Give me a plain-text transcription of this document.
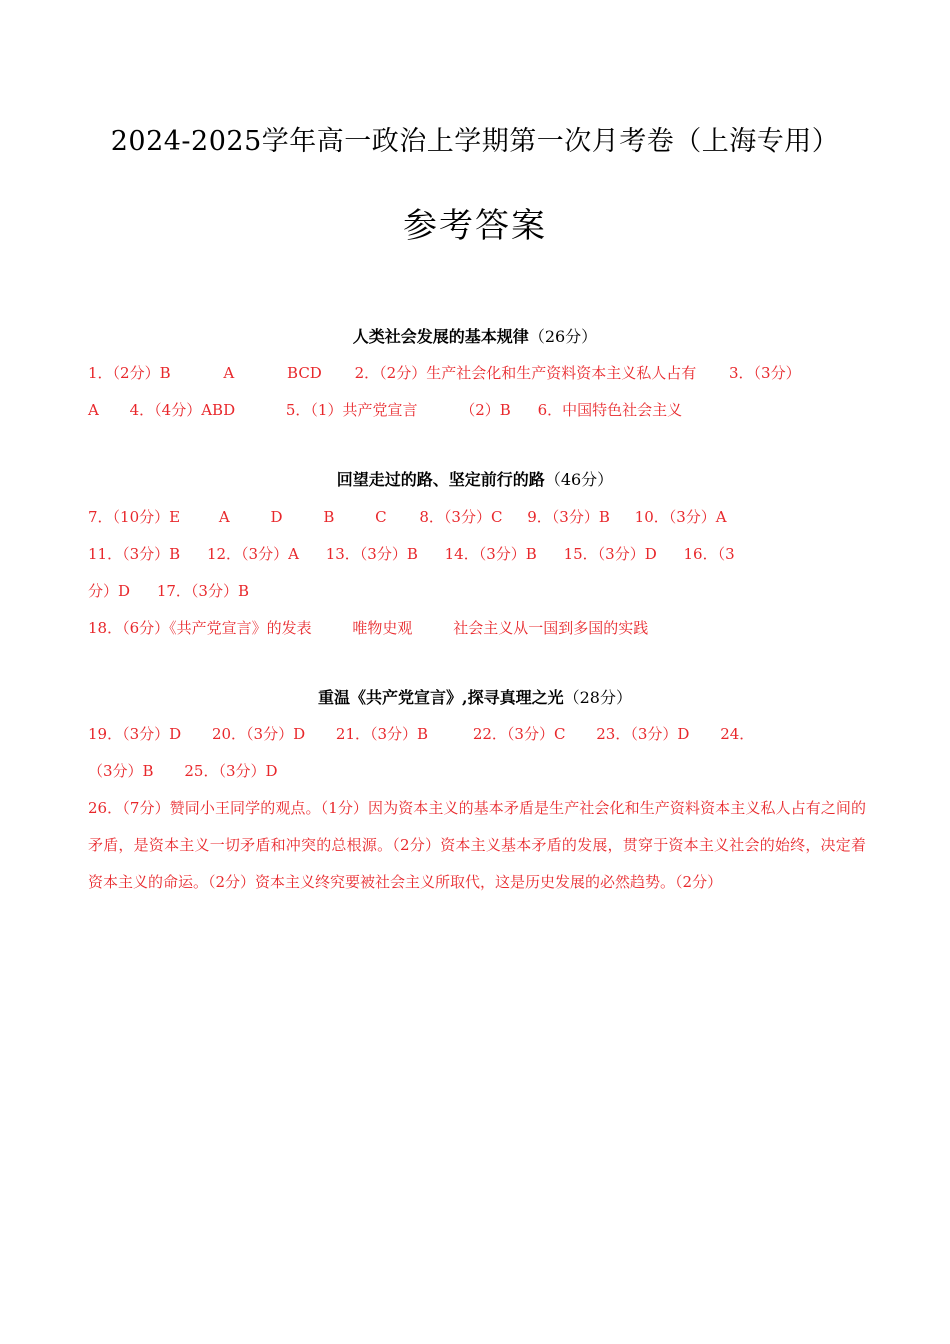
2024-2025学年高一政治上学期第一次月考卷（上海专用）
参考答案
人类社会发展的基本规律（26分）
1．（2分）B	A	BCD 2．（2分）生产社会化和生产资料资本主义私人占有 3．（3分）
A 4．（4分）ABD	5．（1）共产党宣言	（2）B 6．中国特色社会主义
回望走过的路、坚定前行的路（46分）
7．（10分）E	A	D	B	C 8．（3分）C 9．（3分）B 10．（3分）A
11．（3分）B 12．（3分）A 13．（3分）B 14．（3分）B 15．（3分）D 16．（3
分）D 17．（3分）B
18．（6分）《共产党宣言》的发表	唯物史观	社会主义从一国到多国的实践
重温《共产党宣言》,探寻真理之光（28分）
19．（3分）D 20．（3分）D 21．（3分）B	22．（3分）C 23．（3分）D 24．
（3分）B 25．（3分）D
26．（7分）赞同小王同学的观点。（1分）因为资本主义的基本矛盾是生产社会化和生产资料资本主义私人占有之间的矛盾，是资本主义一切矛盾和冲突的总根源。（2分）资本主义基本矛盾的发展，贯穿于资本主义社会的始终，决定着资本主义的命运。（2分）资本主义终究要被社会主义所取代，这是历史发展的必然趋势。（2分）
